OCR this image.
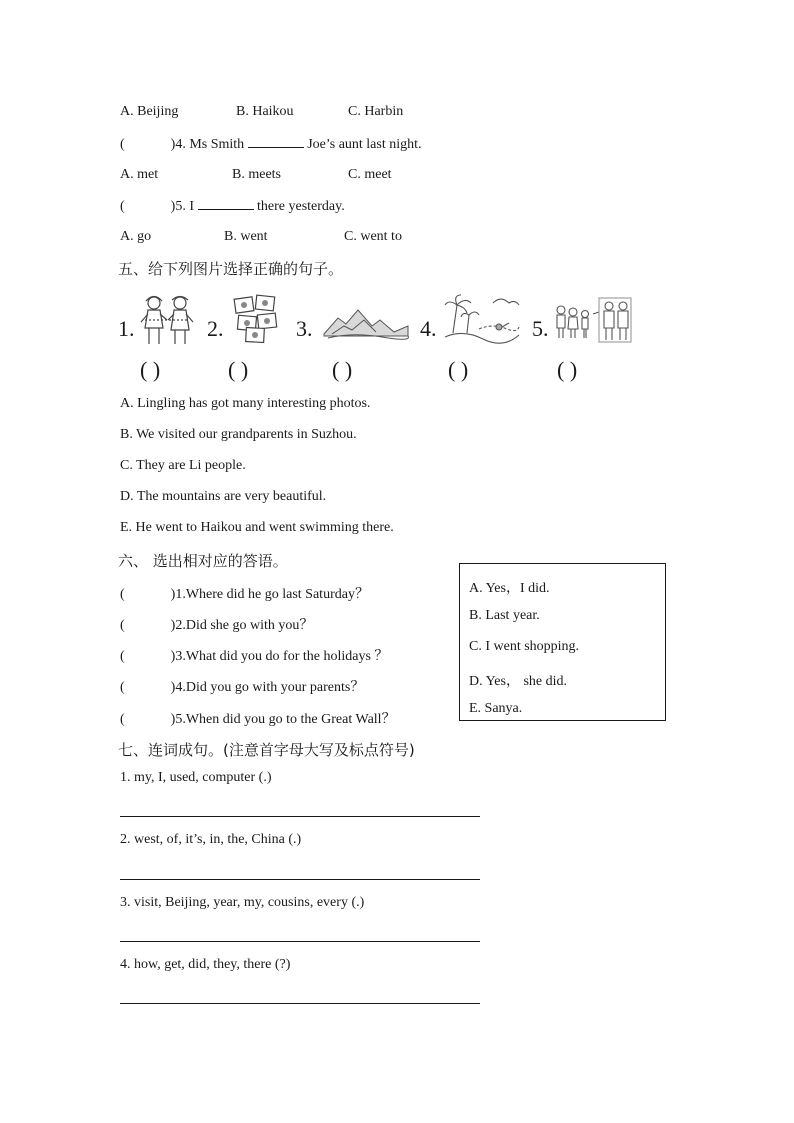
A. Beijing	B. Haikou	C. Harbin
(	)4. Ms Smith	Joe’s aunt last night.
A. met	B. meets	C. meet
(	)5. I	there yesterday.
A. go	B. went	C. went to
五、给下列图片选择正确的句子。
1.	2.	3.	4.	5.
( )	( )	( )	( )	( )
A. Lingling has got many interesting photos.
B. We visited our grandparents in Suzhou.
C. They are Li people.
D. The mountains are very beautiful.
E. He went to Haikou and went swimming there.
六、 选出相对应的答语。
(	)1.Where did he go last Saturday？
(	)2.Did she go with you？
(	)3.What did you do for the holidays ？
(	)4.Did you go with your parents？
(	)5.When did you go to the Great Wall？
A. Yes，I did.
B. Last year.
C. I went shopping.
D. Yes， she did.
E. Sanya.
七、连词成句。(注意首字母大写及标点符号)
1. my, I, used, computer (.)
2. west, of, it’s, in, the, China (.)
3. visit, Beijing, year, my, cousins, every (.)
4. how, get, did, they, there (?)
